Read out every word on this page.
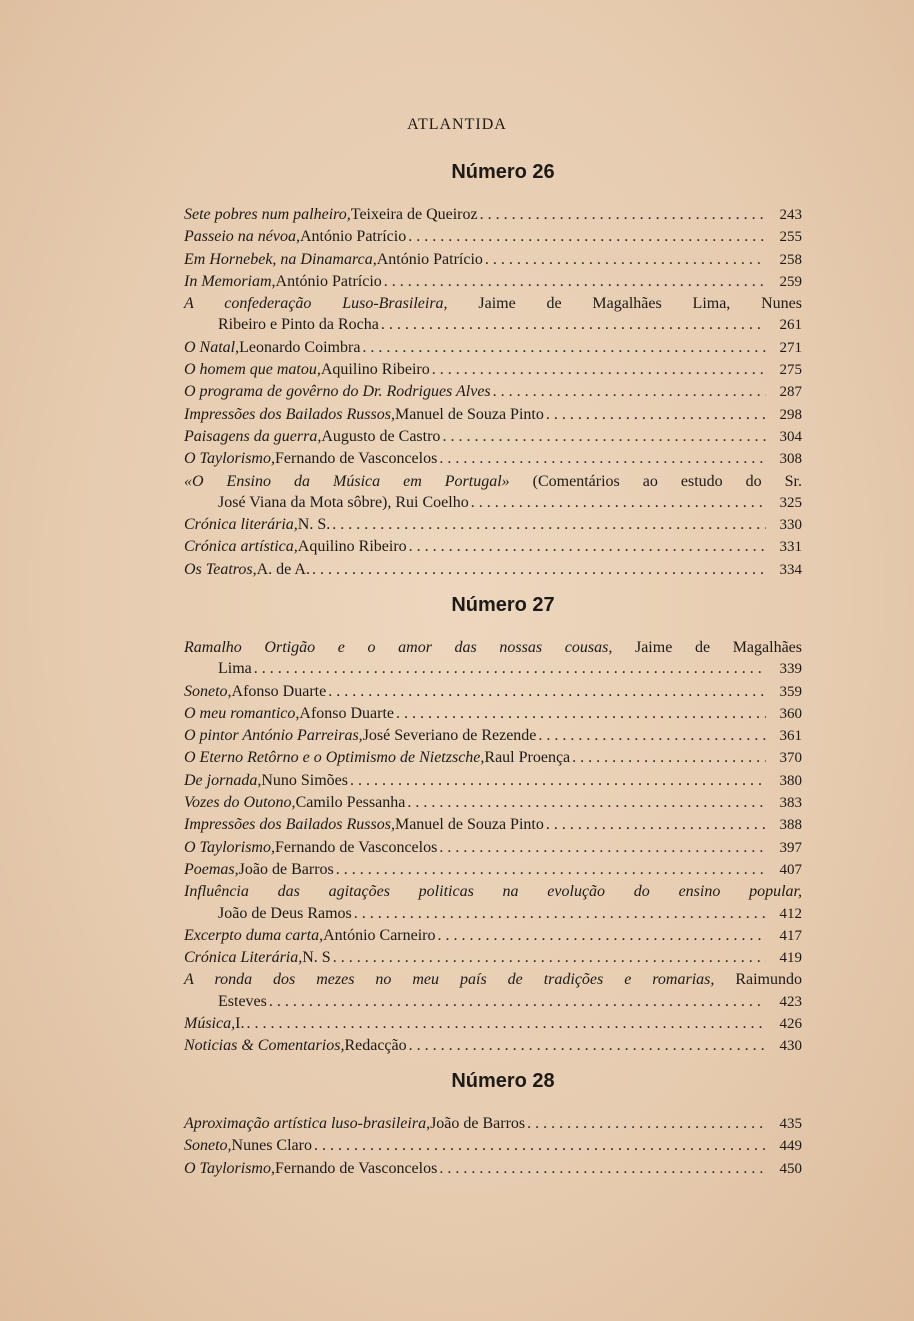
ATLANTIDA
Número 26
Sete pobres num palheiro, Teixeira de Queiroz . . .	243
Passeio na névoa, António Patrício . . .	255
Em Hornebek, na Dinamarca, António Patrício . . .	258
In Memoriam, António Patrício . . .	259
A confederação Luso-Brasileira, Jaime de Magalhães Lima, Nunes
Ribeiro e Pinto da Rocha . . .	261
O Natal, Leonardo Coimbra . . .	271
O homem que matou, Aquilino Ribeiro . . .	275
O programa de govêrno do Dr. Rodrigues Alves . . .	287
Impressões dos Bailados Russos, Manuel de Souza Pinto . . .	298
Paisagens da guerra, Augusto de Castro . . .	304
O Taylorismo, Fernando de Vasconcelos . . .	308
«O Ensino da Música em Portugal» (Comentários ao estudo do Sr.
José Viana da Mota sôbre), Rui Coelho . . .	325
Crónica literária, N. S. . . .	330
Crónica artística, Aquilino Ribeiro . . .	331
Os Teatros, A. de A. . . .	334
Número 27
Ramalho Ortigão e o amor das nossas cousas, Jaime de Magalhães
Lima . . .	339
Soneto, Afonso Duarte . . .	359
O meu romantico, Afonso Duarte . . .	360
O pintor António Parreiras, José Severiano de Rezende . . .	361
O Eterno Retôrno e o Optimismo de Nietzsche, Raul Proença . . .	370
De jornada, Nuno Simões . . .	380
Vozes do Outono, Camilo Pessanha . . .	383
Impressões dos Bailados Russos, Manuel de Souza Pinto . . .	388
O Taylorismo, Fernando de Vasconcelos . . .	397
Poemas, João de Barros . . .	407
Influência das agitações politicas na evolução do ensino popular,
João de Deus Ramos . . .	412
Excerpto duma carta, António Carneiro . . .	417
Crónica Literária, N. S . . .	419
A ronda dos mezes no meu país de tradições e romarias, Raimundo
Esteves . . .	423
Música, I. . . .	426
Noticias & Comentarios, Redacção . . .	430
Número 28
Aproximação artística luso-brasileira, João de Barros . . .	435
Soneto, Nunes Claro . . .	449
O Taylorismo, Fernando de Vasconcelos . . .	450
